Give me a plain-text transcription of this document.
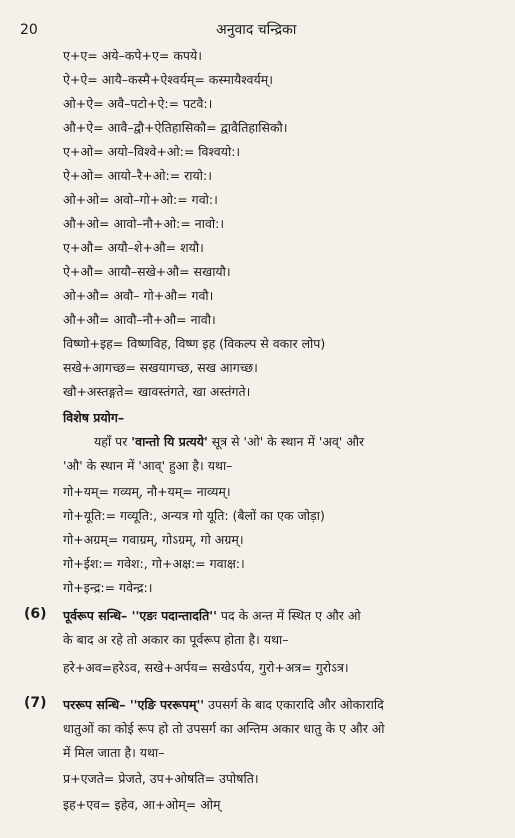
20	अनुवाद चन्द्रिका
ए+ए= अये–कपे+ए= कपये।
ऐ+ऐ= आयै–कस्मै+ऐश्वर्यम्= कस्मायैश्वर्यम्।
ओ+ऐ= अवै–पटो+ऐ:= पटवै:।
औ+ऐ= आवै–द्वौ+ऐतिहासिकौ= द्वावैतिहासिकौ।
ए+ओ= अयो–विश्वे+ओ:= विश्वयो:।
ऐ+ओ= आयो–रै+ओ:= रायो:।
ओ+ओ= अवो–गो+ओ:= गवो:।
औ+ओ= आवो–नौ+ओ:= नावो:।
ए+औ= अयौ–शे+औ= शयौ।
ऐ+औ= आयौ–सखे+औ= सखायौ।
ओ+औ= अवौ– गो+औ= गवौ।
औ+औ= आवौ–नौ+औ= नावौ।
विष्णो+इह= विष्णविह, विष्ण इह (विकल्प से वकार लोप)
सखे+आगच्छ= सखयागच्छ, सख आगच्छ।
खौ+अस्तङ्गते= खावस्तंगते, खा अस्तंगते।
विशेष प्रयोग–
यहाँ पर 'वान्तो यि प्रत्यये' सूत्र से 'ओ' के स्थान में 'अव्' और
'औ' के स्थान में 'आव्' हुआ है। यथा–
गो+यम्= गव्यम्, नौ+यम्= नाव्यम्।
गो+यूति:= गव्यूति:, अन्यत्र गो यूति: (बैलों का एक जोड़ा)
गो+अग्रम्= गवाग्रम्, गोऽग्रम्, गो अग्रम्।
गो+ईश:= गवेश:, गो+अक्ष:= गवाक्ष:।
गो+इन्द्र:= गवेन्द्र:।
(6) पूर्वरूप सन्धि– ''एङः पदान्तादति'' पद के अन्त में स्थित ए और ओ
के बाद अ रहे तो अकार का पूर्वरूप होता है। यथा–
हरे+अव=हरेऽव, सखे+अर्पय= सखेऽर्पय, गुरो+अत्र= गुरोऽत्र।
(7) पररूप सन्धि– ''एङि पररूपम्'' उपसर्ग के बाद एकारादि और ओकारादि
धातुओं का कोई रूप हो तो उपसर्ग का अन्तिम अकार धातु के ए और ओ
में मिल जाता है। यथा–
प्र+एजते= प्रेजते, उप+ओषति= उपोषति।
इह+एव= इहेव, आ+ओम्= ओम्
